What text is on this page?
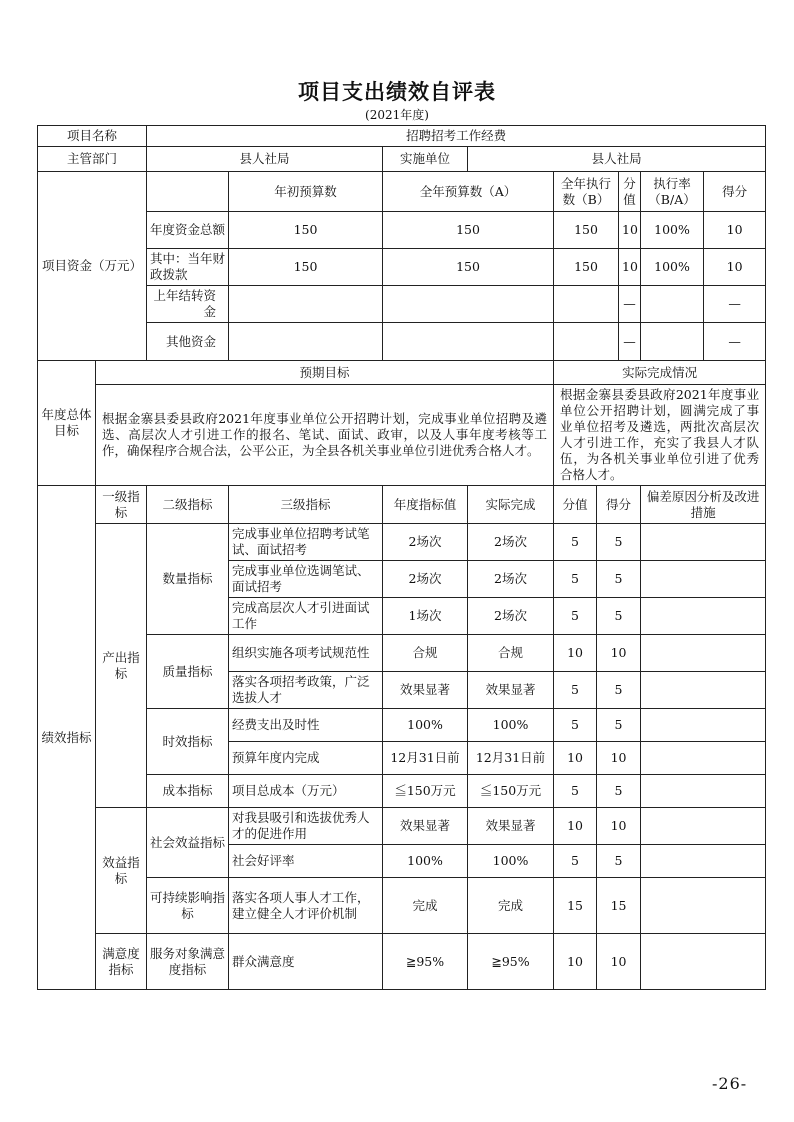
项目支出绩效自评表
(2021年度)
项目名称		招聘招考工作经费								
主管部门		县人社局		实施单位	县人社局					
项目资金（万元）			年初预算数	全年预算数（A）		全年执行数（B）		分值	执行率（B/A）	得分
		年度资金总额	150	150		150		10	100%	10
		其中：当年财政拨款	150	150		150		10	100%	10
		上年结转资金						—		—
		其他资金						—		—
年度总体目标	预期目标					实际完成情况				
	根据金寨县委县政府2021年度事业单位公开招聘计划，完成事业单位招聘及遴选、高层次人才引进工作的报名、笔试、面试、政审，以及人事年度考核等工作，确保程序合规合法，公平公正，为全县各机关事业单位引进优秀合格人才。					根据金寨县委县政府2021年度事业单位公开招聘计划，圆满完成了事业单位招考及遴选，两批次高层次人才引进工作，充实了我县人才队伍，为各机关事业单位引进了优秀合格人才。				
绩效指标	一级指标	二级指标	三级指标	年度指标值	实际完成	分值	得分		偏差原因分析及改进措施	
	产出指标	数量指标	完成事业单位招聘考试笔试、面试招考	2场次	2场次	5	5			
			完成事业单位选调笔试、面试招考	2场次	2场次	5	5			
			完成高层次人才引进面试工作	1场次	2场次	5	5			
		质量指标	组织实施各项考试规范性	合规	合规	10	10			
			落实各项招考政策，广泛选拔人才	效果显著	效果显著	5	5			
		时效指标	经费支出及时性	100%	100%	5	5			
			预算年度内完成	12月31日前	12月31日前	10	10			
		成本指标	项目总成本（万元）	≦150万元	≦150万元	5	5			
	效益指标	社会效益指标	对我县吸引和选拔优秀人才的促进作用	效果显著	效果显著	10	10			
			社会好评率	100%	100%	5	5			
		可持续影响指标	落实各项人事人才工作，建立健全人才评价机制	完成	完成	15	15			
	满意度指标	服务对象满意度指标	群众满意度	≧95%	≧95%	10	10			
-26-
